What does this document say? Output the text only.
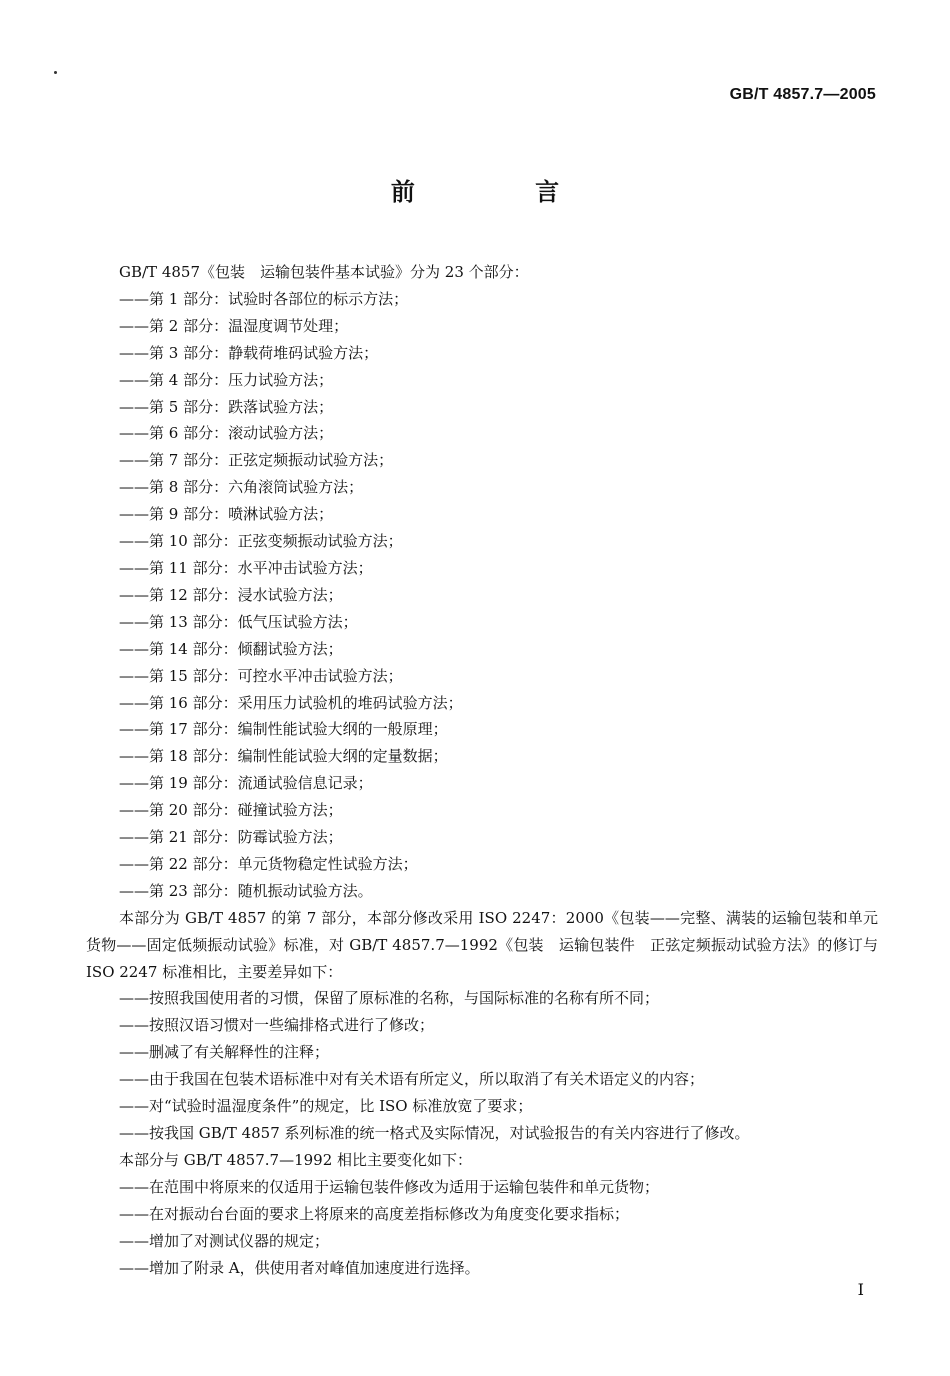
GB/T 4857.7—2005
前 言

GB/T 4857《包装　运输包装件基本试验》分为 23 个部分：

——第 1 部分：试验时各部位的标示方法；

——第 2 部分：温湿度调节处理；

——第 3 部分：静载荷堆码试验方法；

——第 4 部分：压力试验方法；

——第 5 部分：跌落试验方法；

——第 6 部分：滚动试验方法；

——第 7 部分：正弦定频振动试验方法；

——第 8 部分：六角滚筒试验方法；

——第 9 部分：喷淋试验方法；

——第 10 部分：正弦变频振动试验方法；

——第 11 部分：水平冲击试验方法；

——第 12 部分：浸水试验方法；

——第 13 部分：低气压试验方法；

——第 14 部分：倾翻试验方法；

——第 15 部分：可控水平冲击试验方法；

——第 16 部分：采用压力试验机的堆码试验方法；

——第 17 部分：编制性能试验大纲的一般原理；

——第 18 部分：编制性能试验大纲的定量数据；

——第 19 部分：流通试验信息记录；

——第 20 部分：碰撞试验方法；

——第 21 部分：防霉试验方法；

——第 22 部分：单元货物稳定性试验方法；

——第 23 部分：随机振动试验方法。

本部分为 GB/T 4857 的第 7 部分，本部分修改采用 ISO 2247：2000《包装——完整、满装的运输包装和单元货物——固定低频振动试验》标准，对 GB/T 4857.7—1992《包装　运输包装件　正弦定频振动试验方法》的修订与 ISO 2247 标准相比，主要差异如下：

——按照我国使用者的习惯，保留了原标准的名称，与国际标准的名称有所不同；

——按照汉语习惯对一些编排格式进行了修改；

——删减了有关解释性的注释；

——由于我国在包装术语标准中对有关术语有所定义，所以取消了有关术语定义的内容；

——对“试验时温湿度条件”的规定，比 ISO 标准放宽了要求；

——按我国 GB/T 4857 系列标准的统一格式及实际情况，对试验报告的有关内容进行了修改。

本部分与 GB/T 4857.7—1992 相比主要变化如下：

——在范围中将原来的仅适用于运输包装件修改为适用于运输包装件和单元货物；

——在对振动台台面的要求上将原来的高度差指标修改为角度变化要求指标；

——增加了对测试仪器的规定；

——增加了附录 A，供使用者对峰值加速度进行选择。

I
